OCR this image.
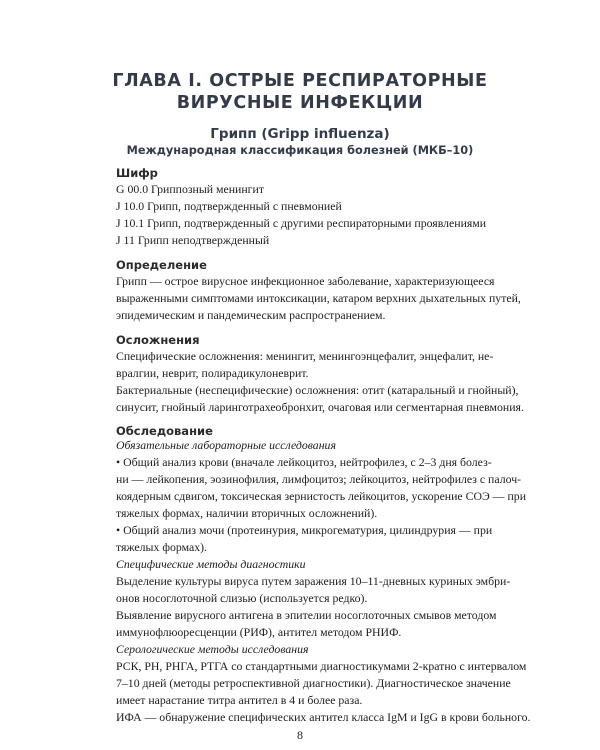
ГЛАВА I. ОСТРЫЕ РЕСПИРАТОРНЫЕ
ВИРУСНЫЕ ИНФЕКЦИИ
Грипп (Gripp influenza)
Международная классификация болезней (МКБ–10)
Шифр
G 00.0 Гриппозный менингит
J 10.0 Грипп, подтвержденный с пневмонией
J 10.1 Грипп, подтвержденный с другими респираторными проявлениями
J 11 Грипп неподтвержденный
Определение
Грипп — острое вирусное инфекционное заболевание, характеризующееся
выраженными симптомами интоксикации, катаром верхних дыхательных путей,
эпидемическим и пандемическим распространением.
Осложнения
Специфические осложнения: менингит, менингоэнцефалит, энцефалит, не-
вралгии, неврит, полирадикулоневрит.
Бактериальные (неспецифические) осложнения: отит (катаральный и гнойный),
синусит, гнойный ларинготрахеобронхит, очаговая или сегментарная пневмония.
Обследование
Обязательные лабораторные исследования
• Общий анализ крови (вначале лейкоцитоз, нейтрофилез, с 2–3 дня болез-
ни — лейкопения, эозинофилия, лимфоцитоз; лейкоцитоз, нейтрофилез с палоч-
коядерным сдвигом, токсическая зернистость лейкоцитов, ускорение СОЭ — при
тяжелых формах, наличии вторичных осложнений).
• Общий анализ мочи (протеинурия, микрогематурия, цилиндрурия — при
тяжелых формах).
Специфические методы диагностики
Выделение культуры вируса путем заражения 10–11-дневных куриных эмбри-
онов носоглоточной слизью (используется редко).
Выявление вирусного антигена в эпителии носоглоточных смывов методом
иммунофлюоресценции (РИФ), антител методом РНИФ.
Серологические методы исследования
РСК, РН, РНГА, РТГА со стандартными диагностикумами 2-кратно с интервалом
7–10 дней (методы ретроспективной диагностики). Диагностическое значение
имеет нарастание титра антител в 4 и более раза.
ИФА — обнаружение специфических антител класса IgM и IgG в крови больного.
8
